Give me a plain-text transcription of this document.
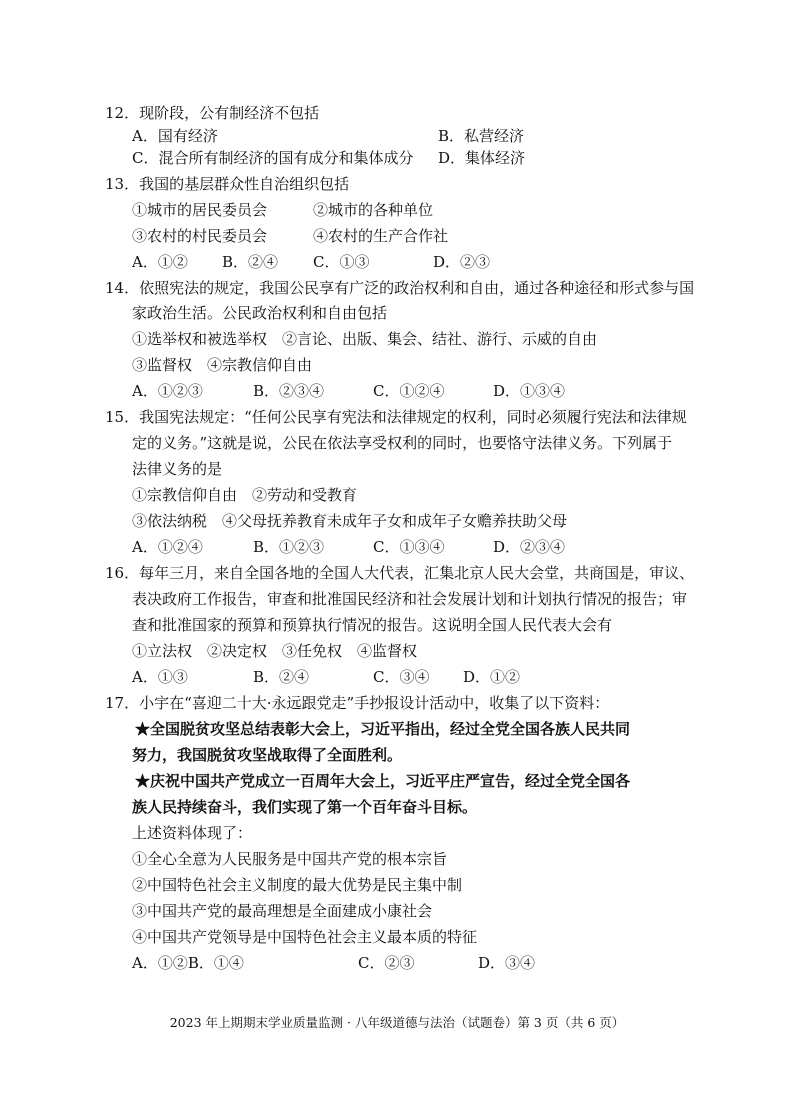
12．现阶段，公有制经济不包括
A．国有经济	B．私营经济
C．混合所有制经济的国有成分和集体成分 D．集体经济
13．我国的基层群众性自治组织包括
①城市的居民委员会	②城市的各种单位
③农村的村民委员会	④农村的生产合作社
A．①② B．②④ C．①③	D．②③
14．依照宪法的规定，我国公民享有广泛的政治权利和自由，通过各种途径和形式参与国
家政治生活。公民政治权利和自由包括
①选举权和被选举权　②言论、出版、集会、结社、游行、示威的自由
③监督权　④宗教信仰自由
A．①②③	B．②③④	C．①②④	D．①③④
15．我国宪法规定：“任何公民享有宪法和法律规定的权利，同时必须履行宪法和法律规
定的义务。”这就是说，公民在依法享受权利的同时，也要恪守法律义务。下列属于
法律义务的是
①宗教信仰自由　②劳动和受教育
③依法纳税　④父母抚养教育未成年子女和成年子女赡养扶助父母
A．①②④	B．①②③	C．①③④	D．②③④
16．每年三月，来自全国各地的全国人大代表，汇集北京人民大会堂，共商国是，审议、
表决政府工作报告，审查和批准国民经济和社会发展计划和计划执行情况的报告；审
查和批准国家的预算和预算执行情况的报告。这说明全国人民代表大会有
①立法权　②决定权　③任免权　④监督权
A．①③	B．②④	C．③④ D．①②
17．小宇在“喜迎二十大·永远跟党走”手抄报设计活动中，收集了以下资料：
★全国脱贫攻坚总结表彰大会上，习近平指出，经过全党全国各族人民共同
努力，我国脱贫攻坚战取得了全面胜利。
★庆祝中国共产党成立一百周年大会上，习近平庄严宣告，经过全党全国各
族人民持续奋斗，我们实现了第一个百年奋斗目标。
上述资料体现了：
①全心全意为人民服务是中国共产党的根本宗旨
②中国特色社会主义制度的最大优势是民主集中制
③中国共产党的最高理想是全面建成小康社会
④中国共产党领导是中国特色社会主义最本质的特征
A．①②B．①④	C．②③	D．③④
2023 年上期期末学业质量监测 · 八年级道德与法治（试题卷）第 3 页（共 6 页）
